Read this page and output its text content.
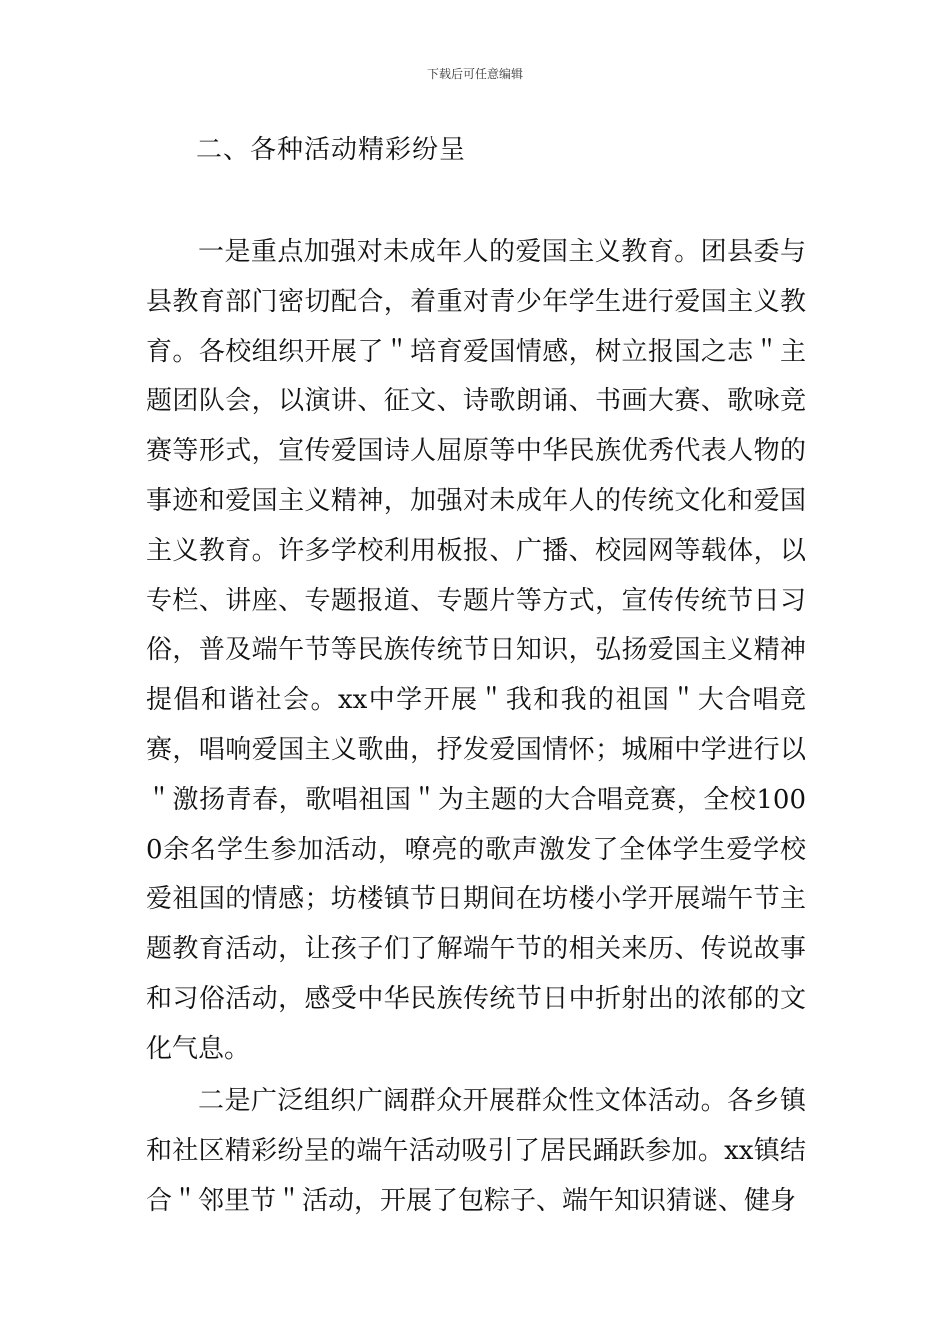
下载后可任意编辑
二、各种活动精彩纷呈

一是重点加强对未成年人的爱国主义教育。团县委与县教育部门密切配合，着重对青少年学生进行爱国主义教育。各校组织开展了＂培育爱国情感，树立报国之志＂主题团队会，以演讲、征文、诗歌朗诵、书画大赛、歌咏竞赛等形式，宣传爱国诗人屈原等中华民族优秀代表人物的事迹和爱国主义精神，加强对未成年人的传统文化和爱国主义教育。许多学校利用板报、广播、校园网等载体，以专栏、讲座、专题报道、专题片等方式，宣传传统节日习俗，普及端午节等民族传统节日知识，弘扬爱国主义精神提倡和谐社会。xx中学开展＂我和我的祖国＂大合唱竞赛，唱响爱国主义歌曲，抒发爱国情怀；城厢中学进行以＂激扬青春，歌唱祖国＂为主题的大合唱竞赛，全校1000余名学生参加活动，嘹亮的歌声激发了全体学生爱学校爱祖国的情感；坊楼镇节日期间在坊楼小学开展端午节主题教育活动，让孩子们了解端午节的相关来历、传说故事和习俗活动，感受中华民族传统节日中折射出的浓郁的文化气息。

二是广泛组织广阔群众开展群众性文体活动。各乡镇和社区精彩纷呈的端午活动吸引了居民踊跃参加。xx镇结合＂邻里节＂活动，开展了包粽子、端午知识猜谜、健身
